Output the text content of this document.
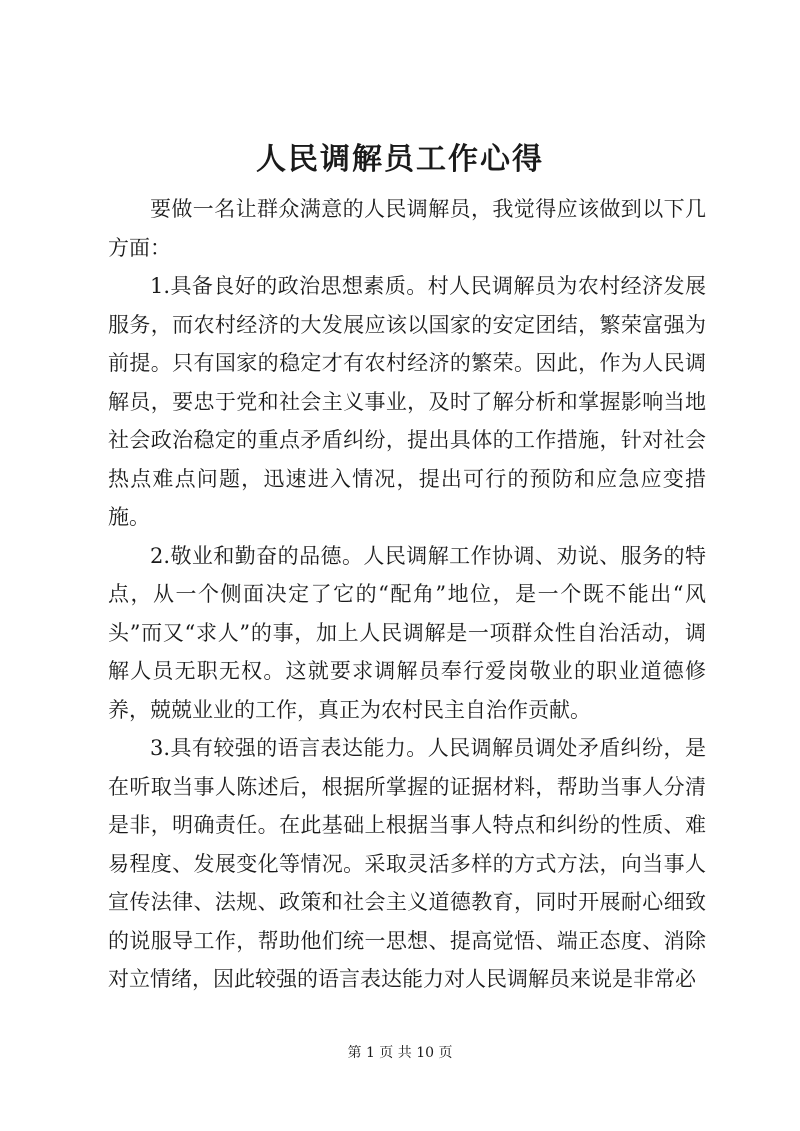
人民调解员工作心得

要做一名让群众满意的人民调解员，我觉得应该做到以下几方面：

1.具备良好的政治思想素质。村人民调解员为农村经济发展服务，而农村经济的大发展应该以国家的安定团结，繁荣富强为前提。只有国家的稳定才有农村经济的繁荣。因此，作为人民调解员，要忠于党和社会主义事业，及时了解分析和掌握影响当地社会政治稳定的重点矛盾纠纷，提出具体的工作措施，针对社会热点难点问题，迅速进入情况，提出可行的预防和应急应变措施。

2.敬业和勤奋的品德。人民调解工作协调、劝说、服务的特点，从一个侧面决定了它的“配角”地位，是一个既不能出“风头”而又“求人”的事，加上人民调解是一项群众性自治活动，调解人员无职无权。这就要求调解员奉行爱岗敬业的职业道德修养，兢兢业业的工作，真正为农村民主自治作贡献。

3.具有较强的语言表达能力。人民调解员调处矛盾纠纷，是在听取当事人陈述后，根据所掌握的证据材料，帮助当事人分清是非，明确责任。在此基础上根据当事人特点和纠纷的性质、难易程度、发展变化等情况。采取灵活多样的方式方法，向当事人宣传法律、法规、政策和社会主义道德教育，同时开展耐心细致的说服导工作，帮助他们统一思想、提高觉悟、端正态度、消除对立情绪，因此较强的语言表达能力对人民调解员来说是非常必

第 1 页 共 10 页
